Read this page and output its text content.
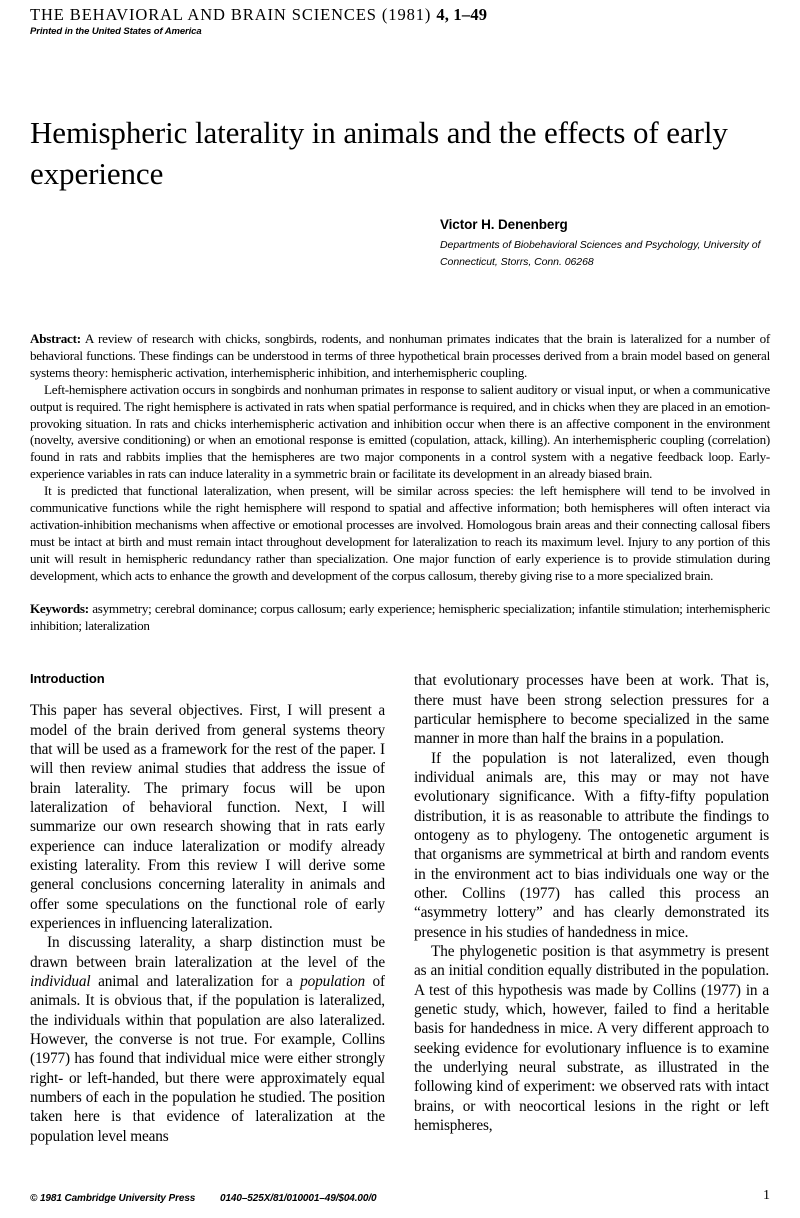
THE BEHAVIORAL AND BRAIN SCIENCES (1981) 4, 1–49
Printed in the United States of America
Hemispheric laterality in animals and the effects of early experience
Victor H. Denenberg
Departments of Biobehavioral Sciences and Psychology, University of Connecticut, Storrs, Conn. 06268

Abstract: A review of research with chicks, songbirds, rodents, and nonhuman primates indicates that the brain is lateralized for a number of behavioral functions. These findings can be understood in terms of three hypothetical brain processes derived from a brain model based on general systems theory: hemispheric activation, interhemispheric inhibition, and interhemispheric coupling.

Left-hemisphere activation occurs in songbirds and nonhuman primates in response to salient auditory or visual input, or when a communicative output is required. The right hemisphere is activated in rats when spatial performance is required, and in chicks when they are placed in an emotion-provoking situation. In rats and chicks interhemispheric activation and inhibition occur when there is an affective component in the environment (novelty, aversive conditioning) or when an emotional response is emitted (copulation, attack, killing). An interhemispheric coupling (correlation) found in rats and rabbits implies that the hemispheres are two major components in a control system with a negative feedback loop. Early-experience variables in rats can induce laterality in a symmetric brain or facilitate its development in an already biased brain.

It is predicted that functional lateralization, when present, will be similar across species: the left hemisphere will tend to be involved in communicative functions while the right hemisphere will respond to spatial and affective information; both hemispheres will often interact via activation-inhibition mechanisms when affective or emotional processes are involved. Homologous brain areas and their connecting callosal fibers must be intact at birth and must remain intact throughout development for lateralization to reach its maximum level. Injury to any portion of this unit will result in hemispheric redundancy rather than specialization. One major function of early experience is to provide stimulation during development, which acts to enhance the growth and development of the corpus callosum, thereby giving rise to a more specialized brain.

Keywords: asymmetry; cerebral dominance; corpus callosum; early experience; hemispheric specialization; infantile stimulation; interhemispheric inhibition; lateralization
Introduction

This paper has several objectives. First, I will present a model of the brain derived from general systems theory that will be used as a framework for the rest of the paper. I will then review animal studies that address the issue of brain laterality. The primary focus will be upon lateralization of behavioral function. Next, I will summarize our own research showing that in rats early experience can induce lateralization or modify already existing laterality. From this review I will derive some general conclusions concerning laterality in animals and offer some speculations on the functional role of early experiences in influencing lateralization.

In discussing laterality, a sharp distinction must be drawn between brain lateralization at the level of the individual animal and lateralization for a population of animals. It is obvious that, if the population is lateralized, the individuals within that population are also lateralized. However, the converse is not true. For example, Collins (1977) has found that individual mice were either strongly right- or left-handed, but there were approximately equal numbers of each in the population he studied. The position taken here is that evidence of lateralization at the population level means

that evolutionary processes have been at work. That is, there must have been strong selection pressures for a particular hemisphere to become specialized in the same manner in more than half the brains in a population.

If the population is not lateralized, even though individual animals are, this may or may not have evolutionary significance. With a fifty-fifty population distribution, it is as reasonable to attribute the findings to ontogeny as to phylogeny. The ontogenetic argument is that organisms are symmetrical at birth and random events in the environment act to bias individuals one way or the other. Collins (1977) has called this process an “asymmetry lottery” and has clearly demonstrated its presence in his studies of handedness in mice.

The phylogenetic position is that asymmetry is present as an initial condition equally distributed in the population. A test of this hypothesis was made by Collins (1977) in a genetic study, which, however, failed to find a heritable basis for handedness in mice. A very different approach to seeking evidence for evolutionary influence is to examine the underlying neural substrate, as illustrated in the following kind of experiment: we observed rats with intact brains, or with neocortical lesions in the right or left hemispheres,

© 1981 Cambridge University Press	0140–525X/81/010001–49/$04.00/0	1
